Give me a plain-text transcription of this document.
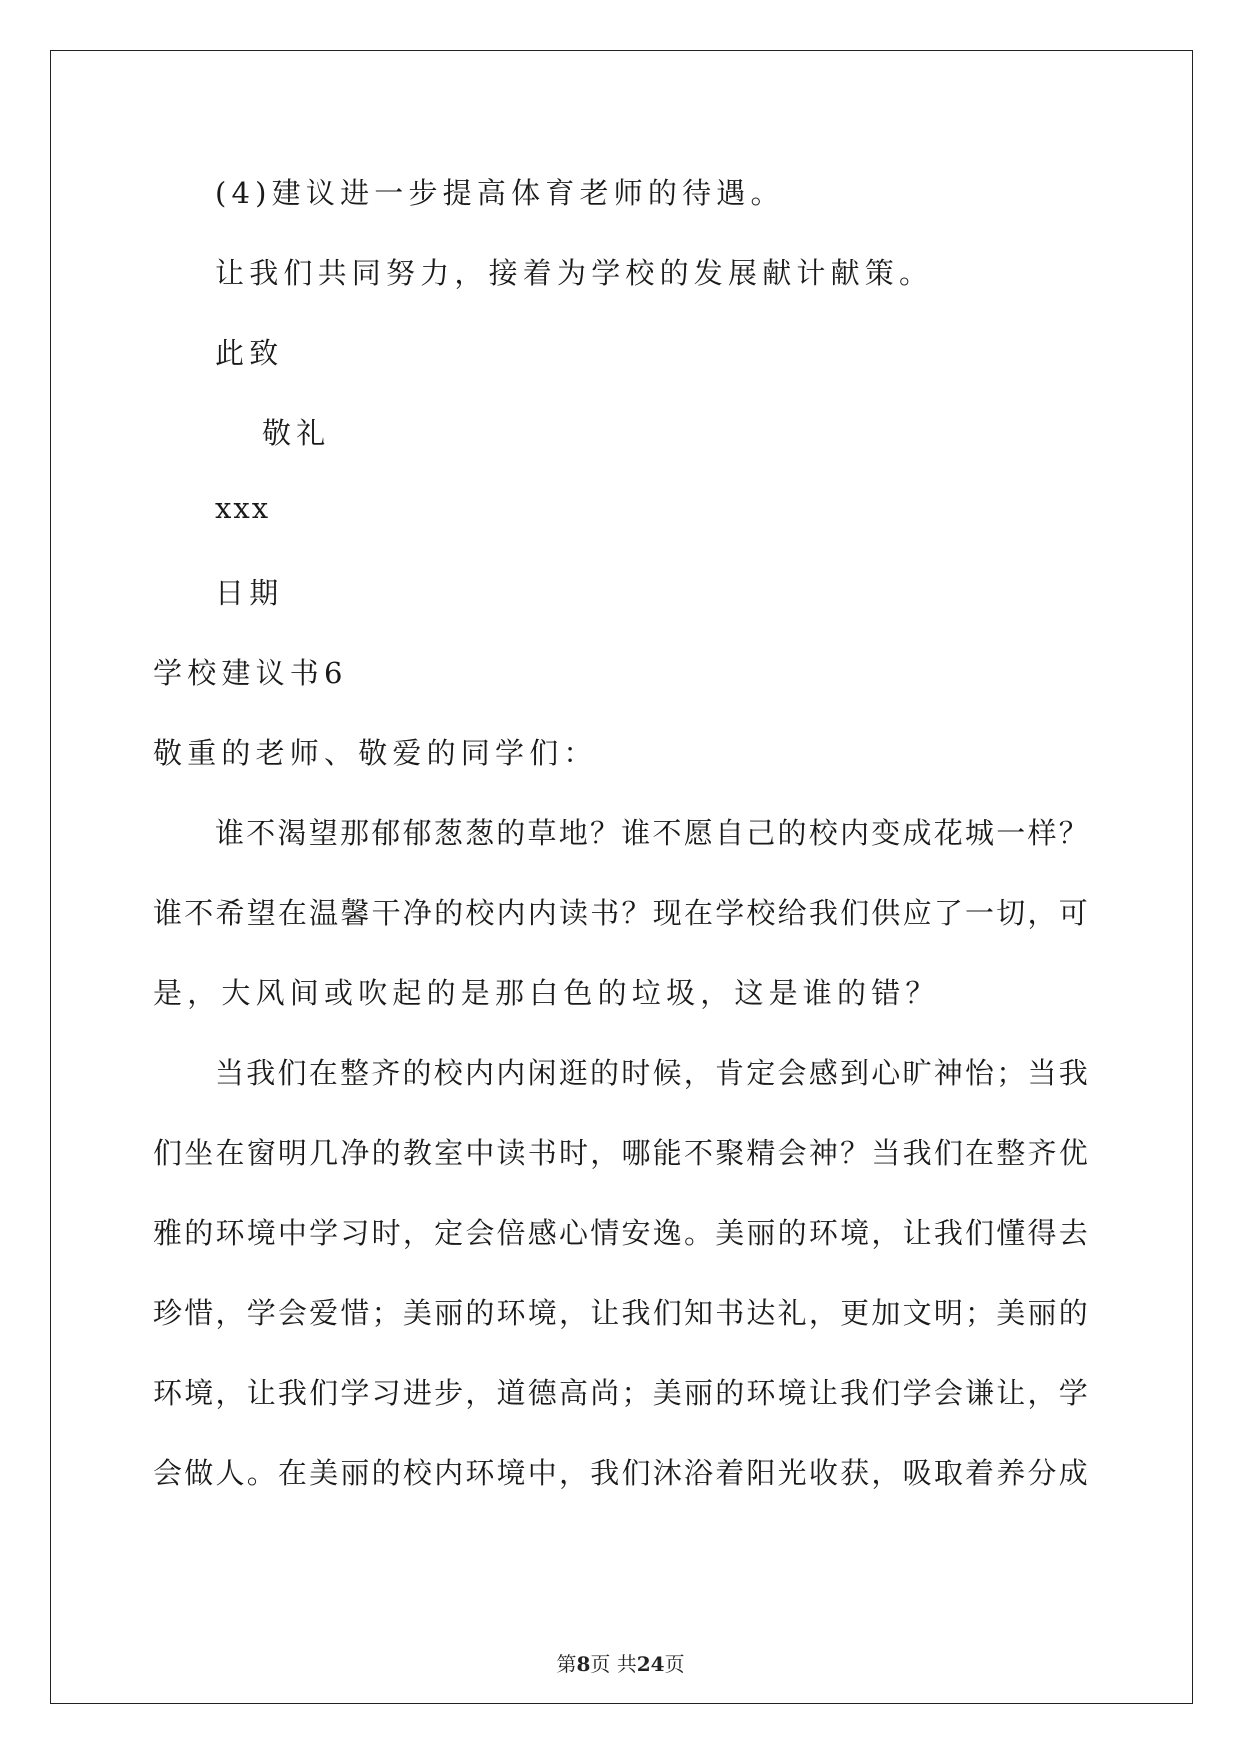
(4)建议进一步提高体育老师的待遇。

让我们共同努力，接着为学校的发展献计献策。

此致

敬礼

xxx

日期

学校建议书6

敬重的老师、敬爱的同学们：

谁不渴望那郁郁葱葱的草地？谁不愿自己的校内变成花城一样？

谁不希望在温馨干净的校内内读书？现在学校给我们供应了一切，可

是，大风间或吹起的是那白色的垃圾，这是谁的错？

当我们在整齐的校内内闲逛的时候，肯定会感到心旷神怡；当我

们坐在窗明几净的教室中读书时，哪能不聚精会神？当我们在整齐优

雅的环境中学习时，定会倍感心情安逸。美丽的环境，让我们懂得去

珍惜，学会爱惜；美丽的环境，让我们知书达礼，更加文明；美丽的

环境，让我们学习进步，道德高尚；美丽的环境让我们学会谦让，学

会做人。在美丽的校内环境中，我们沐浴着阳光收获，吸取着养分成

第8页 共24页
